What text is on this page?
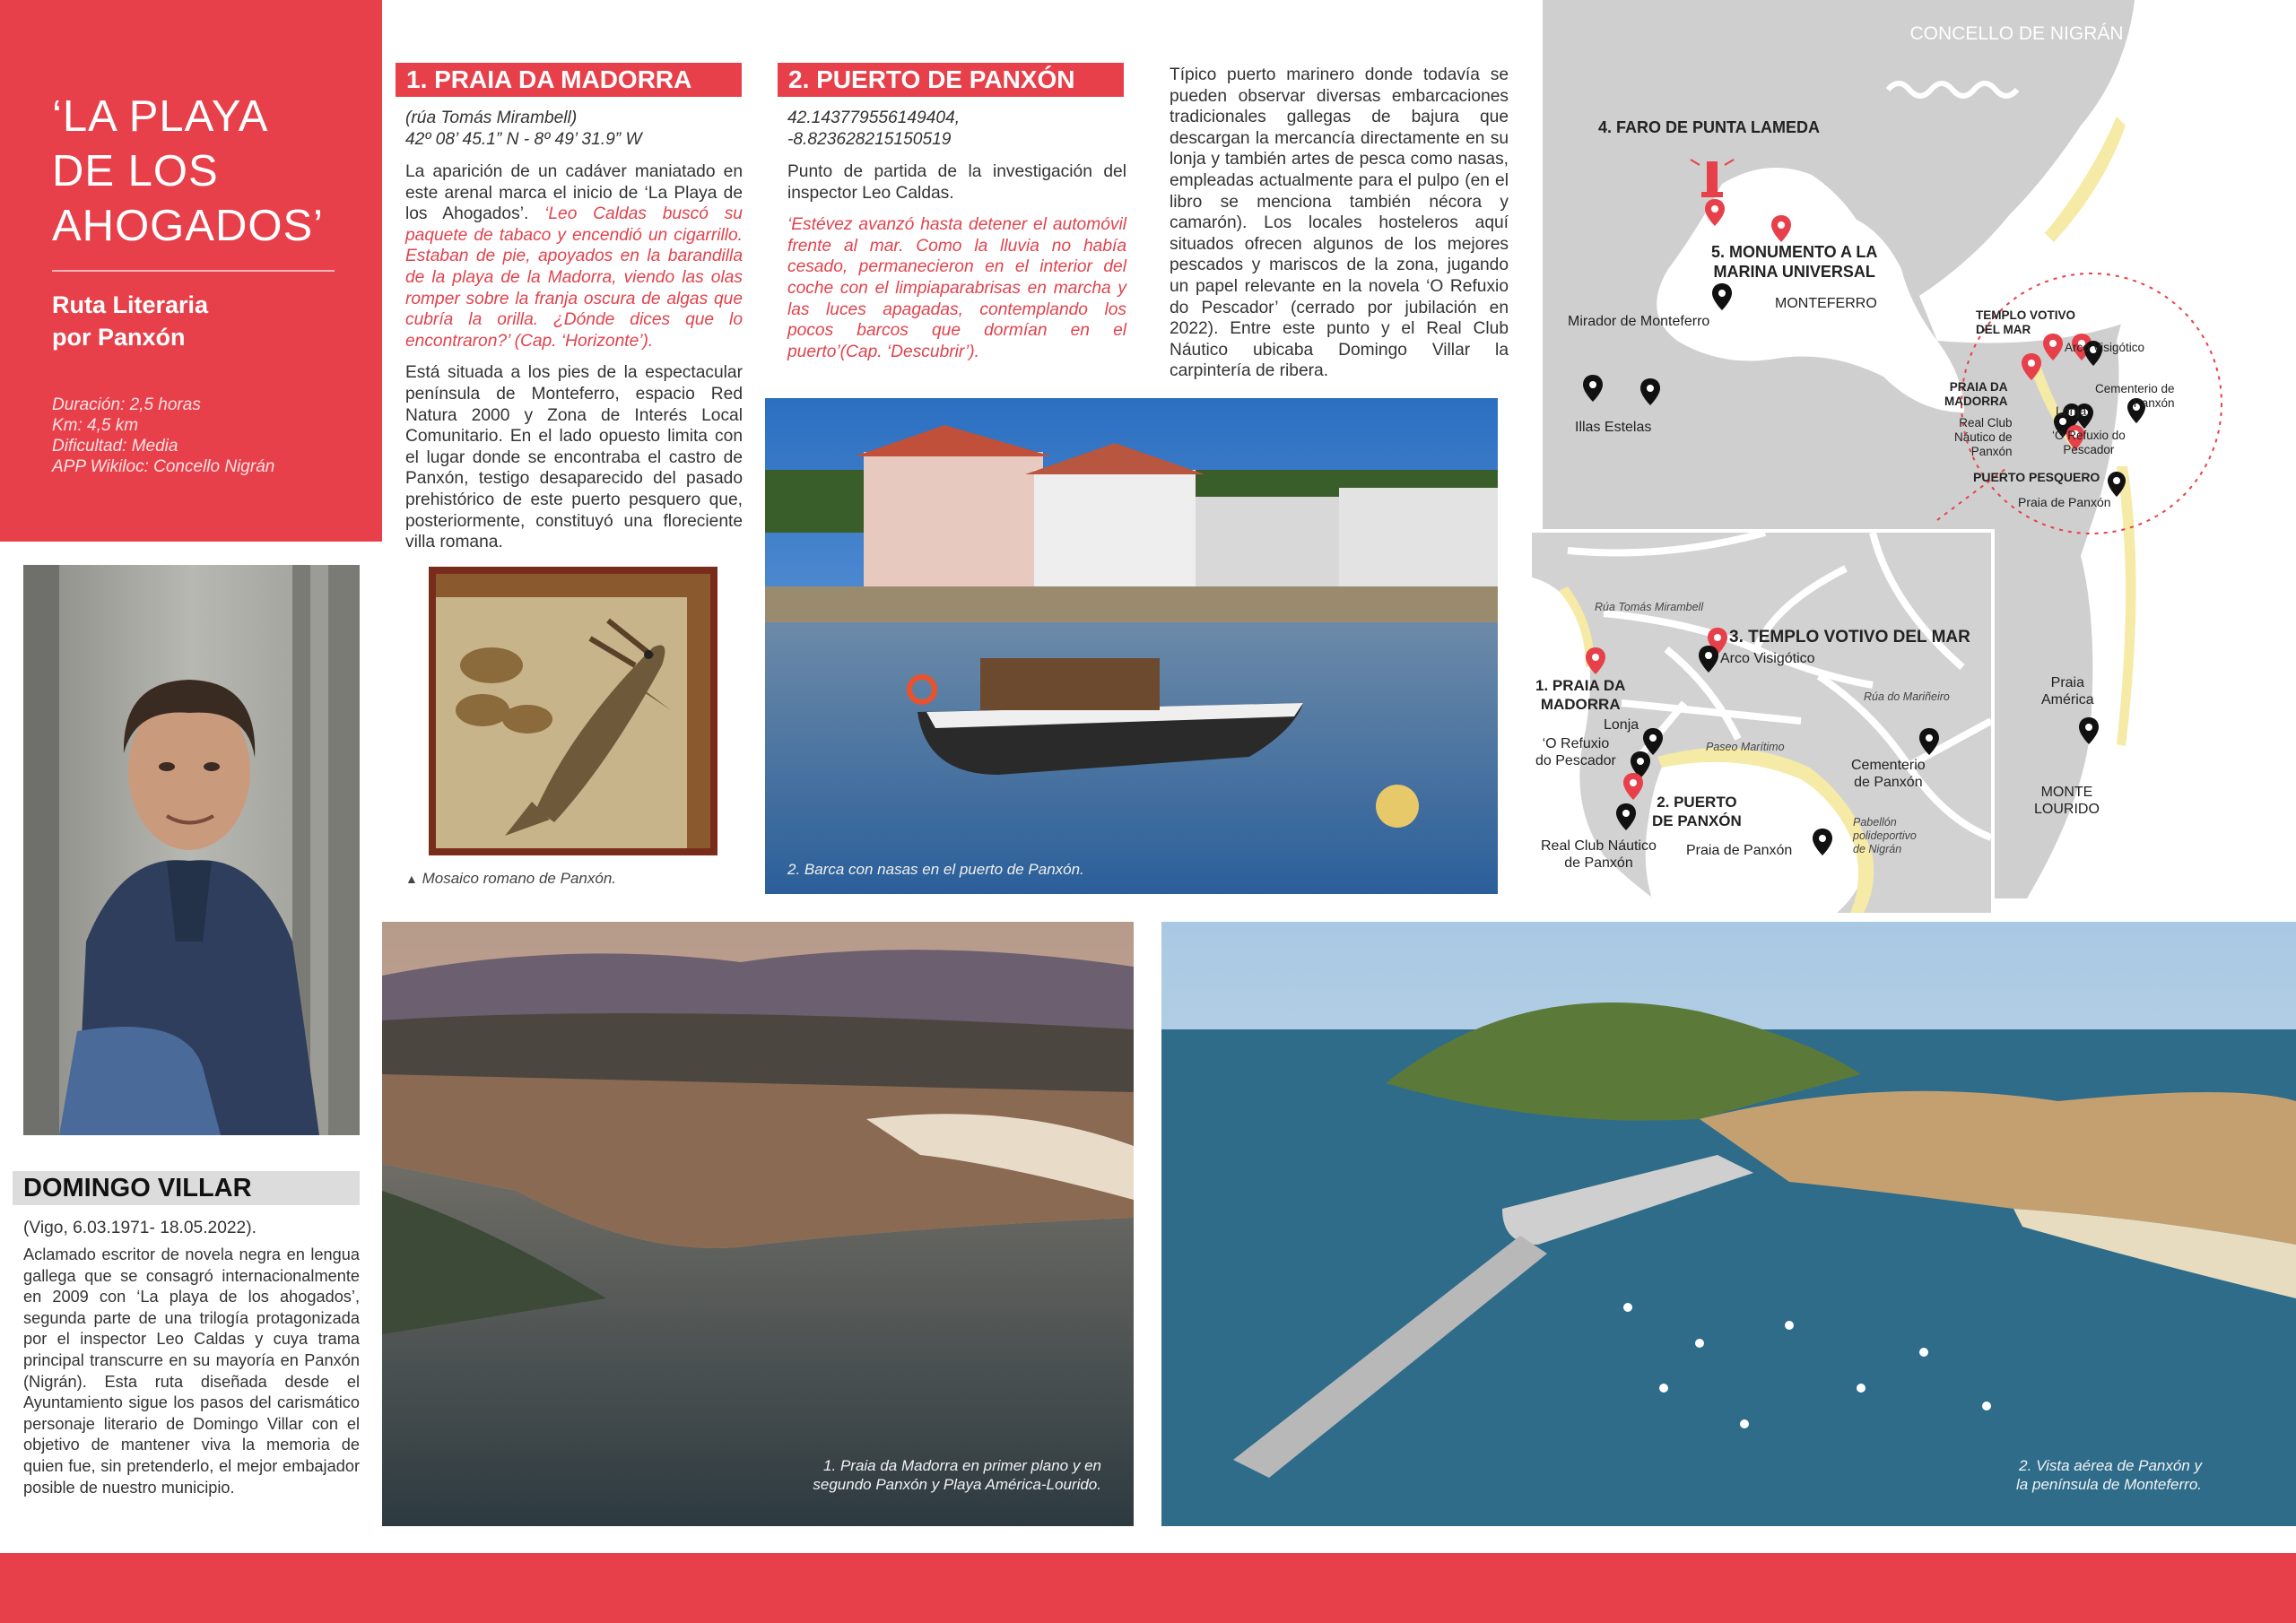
‘LA PLAYA
DE LOS
AHOGADOS’
Ruta Literaria
por Panxón
Duración: 2,5 horas
Km: 4,5 km
Dificultad: Media
APP Wikiloc: Concello Nigrán
DOMINGO VILLAR
(Vigo, 6.03.1971- 18.05.2022).
Aclamado escritor de novela negra en lengua gallega que se consagró internacionalmente en 2009 con ‘La playa de los ahogados’, segunda parte de una trilogía protagonizada por el inspector Leo Caldas y cuya trama principal transcurre en su mayoría en Panxón (Nigrán). Esta ruta diseñada desde el Ayuntamiento sigue los pasos del carismático personaje literario de Domingo Villar con el objetivo de mantener viva la memoria de quien fue, sin pretenderlo, el mejor embajador posible de nuestro municipio.
1. PRAIA DA MADORRA
(rúa Tomás Mirambell)
42º 08’ 45.1” N - 8º 49’ 31.9” W

La aparición de un cadáver maniatado en este arenal marca el inicio de ‘La Playa de los Ahogados’. ‘Leo Caldas buscó su paquete de tabaco y encendió un cigarrillo. Estaban de pie, apoyados en la barandilla de la playa de la Madorra, viendo las olas romper sobre la franja oscura de algas que cubría la orilla. ¿Dónde dices que lo encontraron?’ (Cap. ‘Horizonte’).

Está situada a los pies de la espectacular península de Monteferro, espacio Red Natura 2000 y Zona de Interés Local Comunitario. En el lado opuesto limita con el lugar donde se encontraba el castro de Panxón, testigo desaparecido del pasado prehistórico de este puerto pesquero que, posteriormente, constituyó una floreciente villa romana.

▲ Mosaico romano de Panxón.
2. PUERTO DE PANXÓN
42.143779556149404,
-8.823628215150519

Punto de partida de la investigación del inspector Leo Caldas.

‘Estévez avanzó hasta detener el automóvil frente al mar. Como la lluvia no había cesado, permanecieron en el interior del coche con el limpiaparabrisas en marcha y las luces apagadas, contemplando los pocos barcos que dormían en el puerto’(Cap. ‘Descubrir’).

Típico puerto marinero donde todavía se pueden observar diversas embarcaciones tradicionales gallegas de bajura que descargan la mercancía directamente en su lonja y también artes de pesca como nasas, empleadas actualmente para el pulpo (en el libro se menciona también nécora y camarón). Los locales hosteleros aquí situados ofrecen algunos de los mejores pescados y mariscos de la zona, jugando un papel relevante en la novela ‘O Refuxio do Pescador’ (cerrado por jubilación en 2022). Entre este punto y el Real Club Náutico ubicaba Domingo Villar la carpintería de ribera.
2. Barca con nasas en el puerto de Panxón.
1. Praia da Madorra en primer plano y en
segundo Panxón y Playa América-Lourido.
2. Vista aérea de Panxón y
la península de Monteferro.
4. FARO DE PUNTA LAMEDA
5. MONUMENTO A LA
MARINA UNIVERSAL
MONTEFERRO
Mirador de Monteferro
Illas Estelas
TEMPLO VOTIVO
DEL MAR
Arco Visigótico
PRAIA DA
MADORRA
Lonja
Cementerio de
Panxón
Real Club
Náutico de
Panxón
‘O Refuxio do
Pescador
PUERTO PESQUERO
Praia de Panxón
Praia
América
MONTE
LOURIDO
Rúa Tomás Mirambell
3. TEMPLO VOTIVO DEL MAR
Arco Visigótico
1. PRAIA DA
MADORRA	Rúa do Mariñeiro
Lonja
‘O Refuxio
do Pescador
Paseo Marítimo
Cementerio
de Panxón
2. PUERTO
DE PANXÓN	Pabellón
polideportivo
de Nigrán
Real Club Náutico
de Panxón
Praia de Panxón
CONCELLO DE NIGRÁN • www.nigran.es
